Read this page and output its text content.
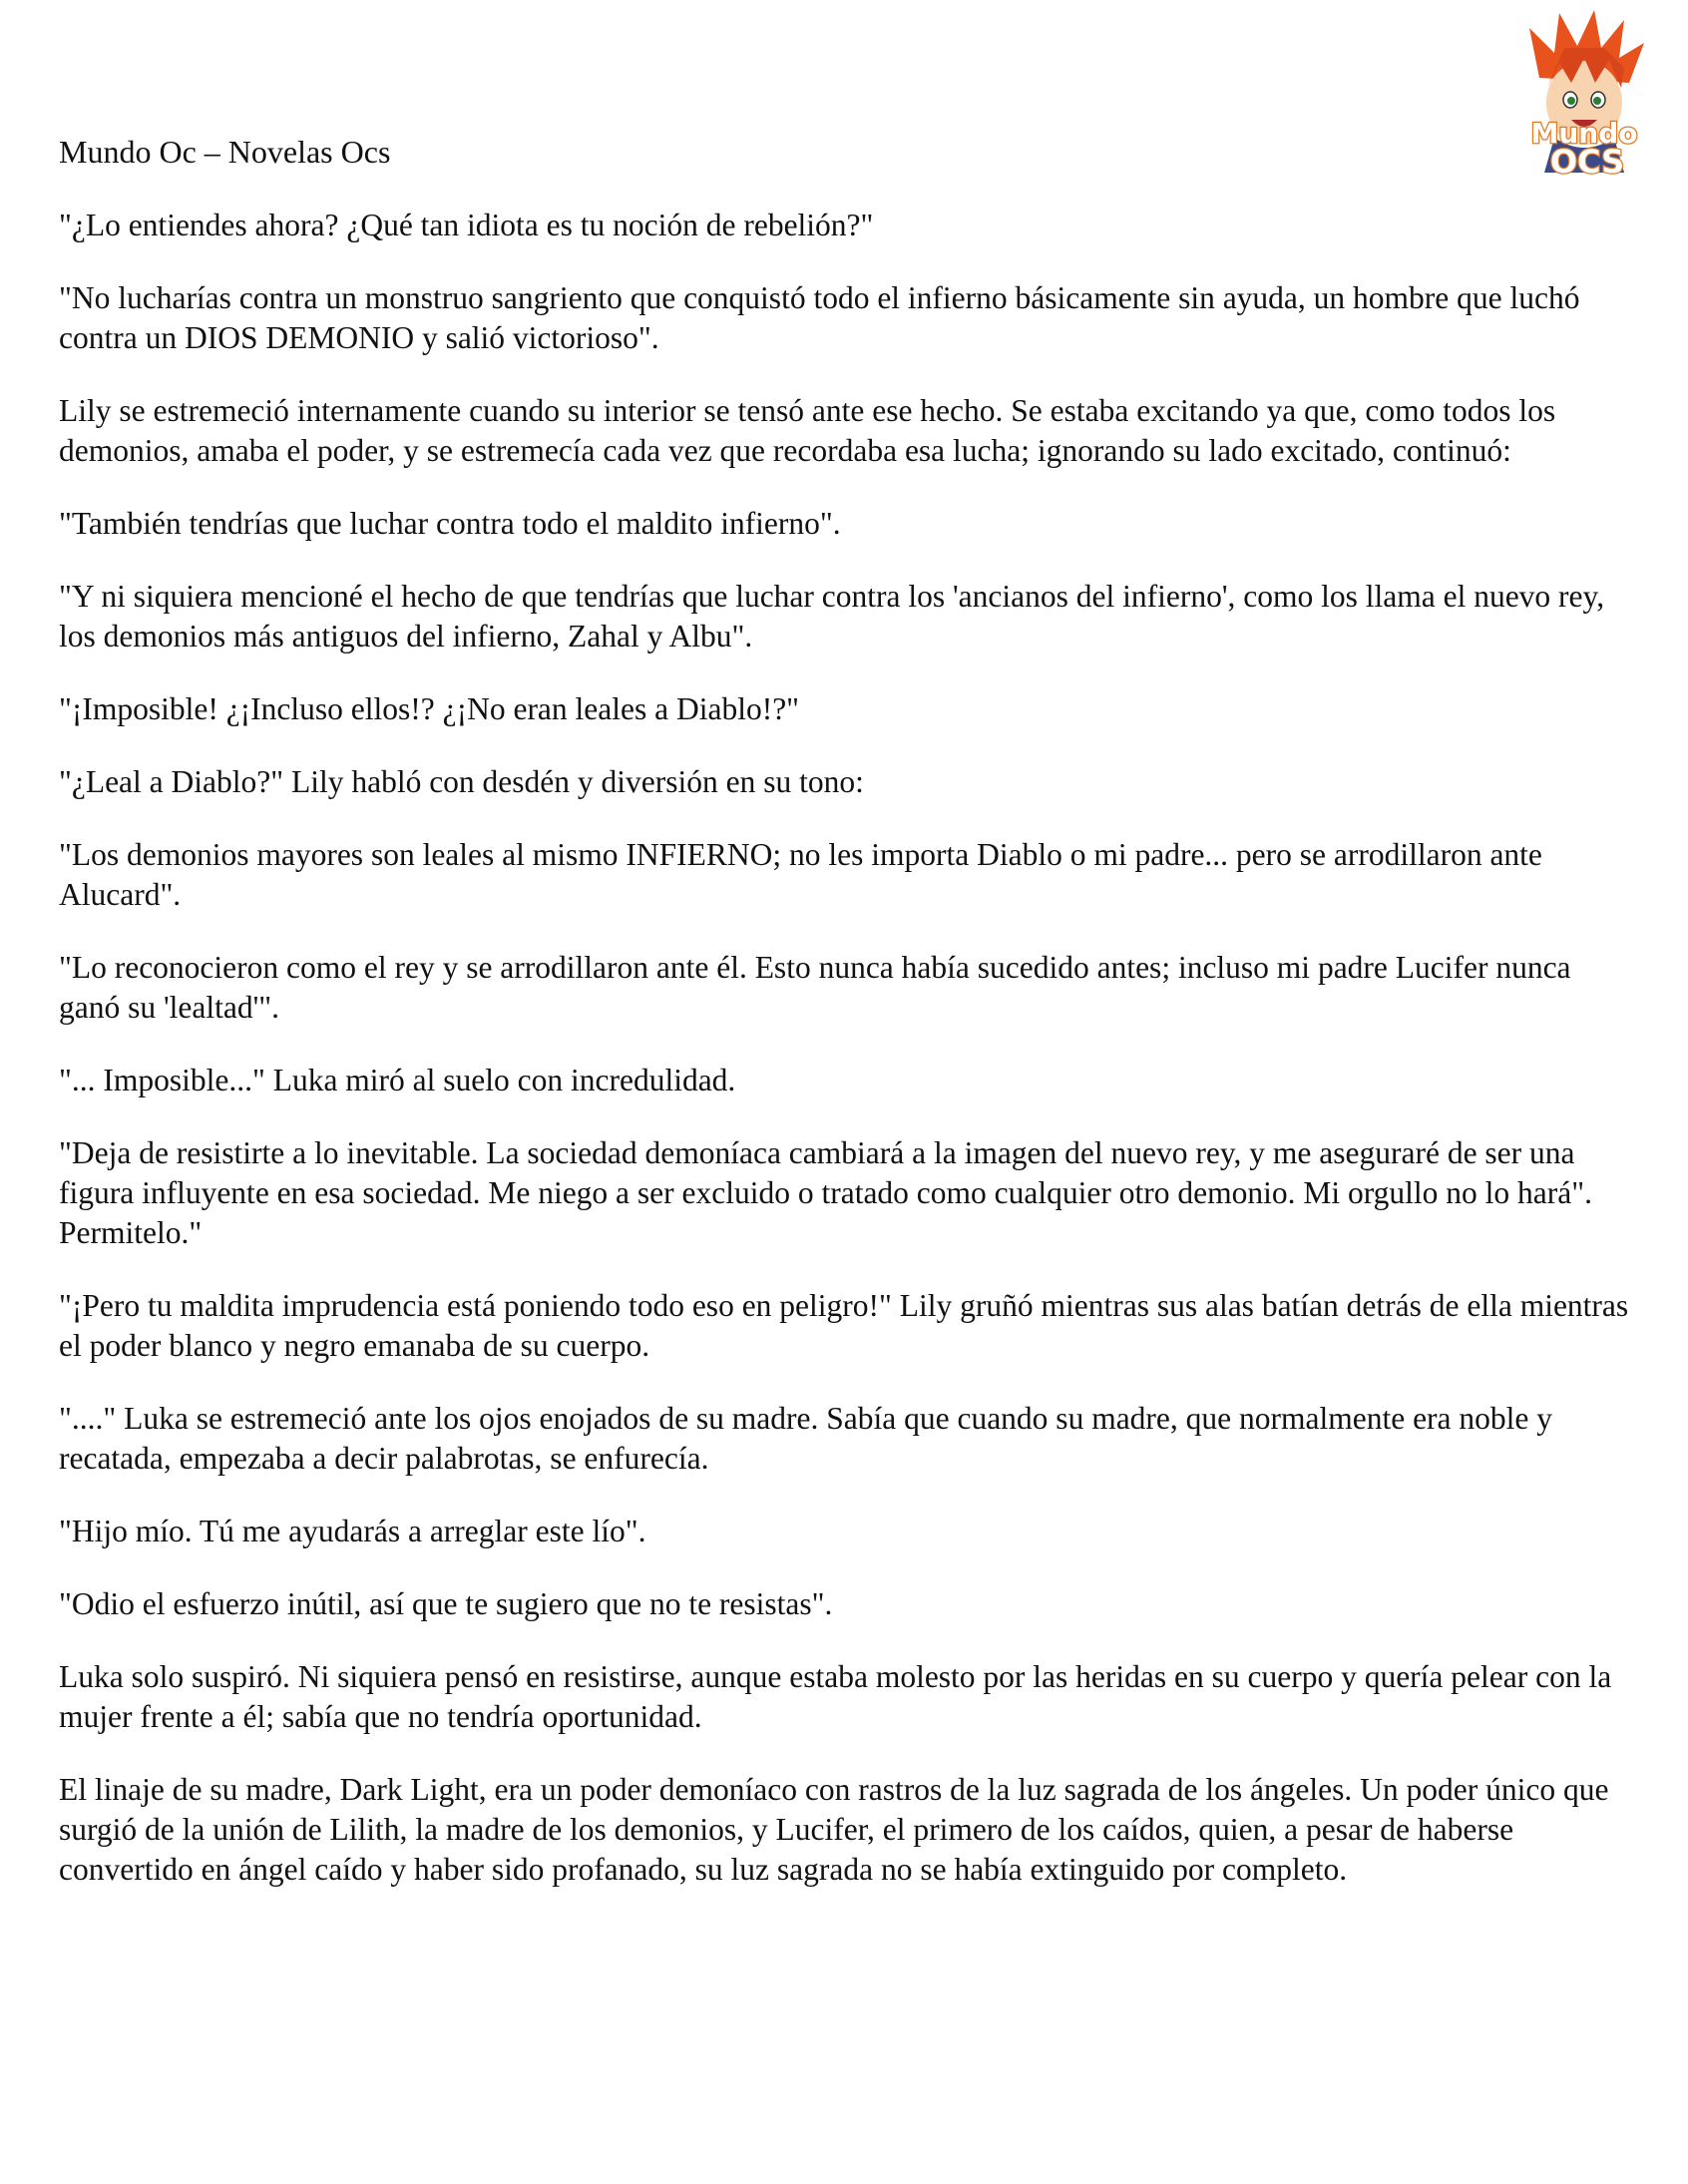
Mundo Oc – Novelas Ocs
Mundo
OCS

"¿Lo entiendes ahora? ¿Qué tan idiota es tu noción de rebelión?"

"No lucharías contra un monstruo sangriento que conquistó todo el infierno básicamente sin ayuda, un hombre que luchó contra un DIOS DEMONIO y salió victorioso".

Lily se estremeció internamente cuando su interior se tensó ante ese hecho. Se estaba excitando ya que, como todos los demonios, amaba el poder, y se estremecía cada vez que recordaba esa lucha; ignorando su lado excitado, continuó:

"También tendrías que luchar contra todo el maldito infierno".

"Y ni siquiera mencioné el hecho de que tendrías que luchar contra los 'ancianos del infierno', como los llama el nuevo rey, los demonios más antiguos del infierno, Zahal y Albu".

"¡Imposible! ¿¡Incluso ellos!? ¿¡No eran leales a Diablo!?"

"¿Leal a Diablo?" Lily habló con desdén y diversión en su tono:

"Los demonios mayores son leales al mismo INFIERNO; no les importa Diablo o mi padre... pero se arrodillaron ante Alucard".

"Lo reconocieron como el rey y se arrodillaron ante él. Esto nunca había sucedido antes; incluso mi padre Lucifer nunca ganó su 'lealtad'".

"... Imposible..." Luka miró al suelo con incredulidad.

"Deja de resistirte a lo inevitable. La sociedad demoníaca cambiará a la imagen del nuevo rey, y me aseguraré de ser una figura influyente en esa sociedad. Me niego a ser excluido o tratado como cualquier otro demonio. Mi orgullo no lo hará". Permitelo."

"¡Pero tu maldita imprudencia está poniendo todo eso en peligro!" Lily gruñó mientras sus alas batían detrás de ella mientras el poder blanco y negro emanaba de su cuerpo.

"...." Luka se estremeció ante los ojos enojados de su madre. Sabía que cuando su madre, que normalmente era noble y recatada, empezaba a decir palabrotas, se enfurecía.

"Hijo mío. Tú me ayudarás a arreglar este lío".

"Odio el esfuerzo inútil, así que te sugiero que no te resistas".

Luka solo suspiró. Ni siquiera pensó en resistirse, aunque estaba molesto por las heridas en su cuerpo y quería pelear con la mujer frente a él; sabía que no tendría oportunidad.

El linaje de su madre, Dark Light, era un poder demoníaco con rastros de la luz sagrada de los ángeles. Un poder único que surgió de la unión de Lilith, la madre de los demonios, y Lucifer, el primero de los caídos, quien, a pesar de haberse convertido en ángel caído y haber sido profanado, su luz sagrada no se había extinguido por completo.
